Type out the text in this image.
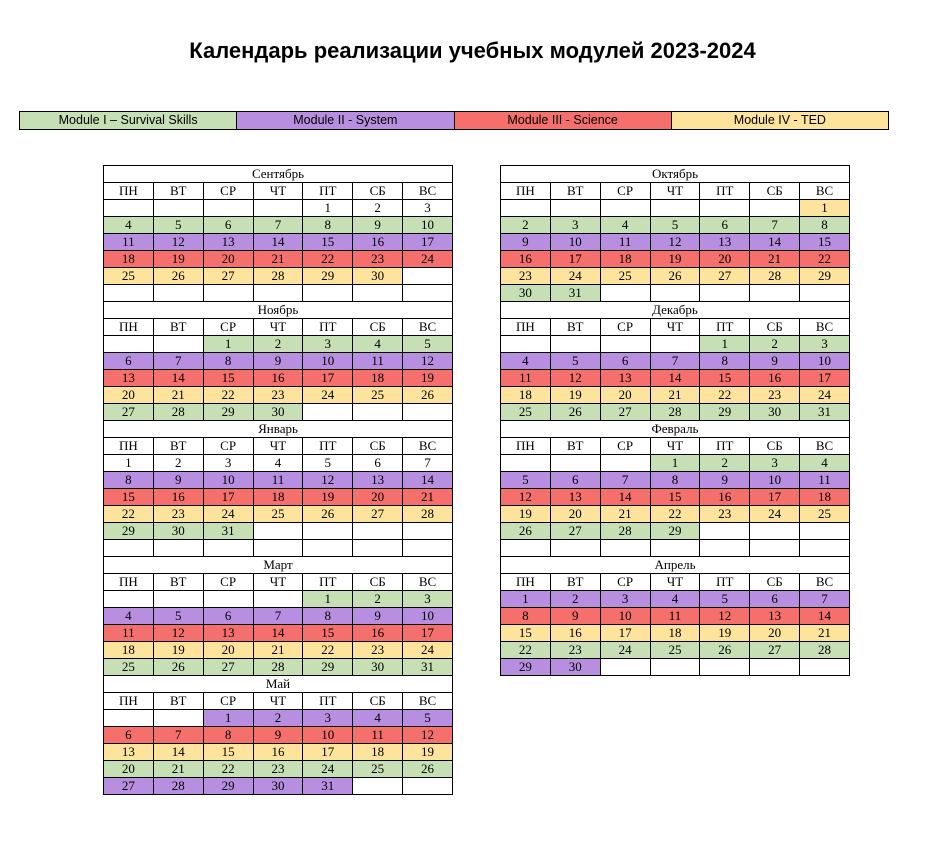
Календарь реализации учебных модулей 2023-2024
Module I – Survival Skills	Module II - System	Module III - Science	Module IV - TED
Сентябрь						
ПН	ВТ	СР	ЧТ	ПТ	СБ	ВС
				1	2	3
4	5	6	7	8	9	10
11	12	13	14	15	16	17
18	19	20	21	22	23	24
25	26	27	28	29	30	

Ноябрь						
ПН	ВТ	СР	ЧТ	ПТ	СБ	ВС
		1	2	3	4	5
6	7	8	9	10	11	12
13	14	15	16	17	18	19
20	21	22	23	24	25	26
27	28	29	30			
Январь						
ПН	ВТ	СР	ЧТ	ПТ	СБ	ВС
1	2	3	4	5	6	7
8	9	10	11	12	13	14
15	16	17	18	19	20	21
22	23	24	25	26	27	28
29	30	31				

Март						
ПН	ВТ	СР	ЧТ	ПТ	СБ	ВС
				1	2	3
4	5	6	7	8	9	10
11	12	13	14	15	16	17
18	19	20	21	22	23	24
25	26	27	28	29	30	31
Май						
ПН	ВТ	СР	ЧТ	ПТ	СБ	ВС
		1	2	3	4	5
6	7	8	9	10	11	12
13	14	15	16	17	18	19
20	21	22	23	24	25	26
27	28	29	30	31		
Октябрь						
ПН	ВТ	СР	ЧТ	ПТ	СБ	ВС
						1
2	3	4	5	6	7	8
9	10	11	12	13	14	15
16	17	18	19	20	21	22
23	24	25	26	27	28	29
30	31					
Декабрь						
ПН	ВТ	СР	ЧТ	ПТ	СБ	ВС
				1	2	3
4	5	6	7	8	9	10
11	12	13	14	15	16	17
18	19	20	21	22	23	24
25	26	27	28	29	30	31
Февраль						
ПН	ВТ	СР	ЧТ	ПТ	СБ	ВС
			1	2	3	4
5	6	7	8	9	10	11
12	13	14	15	16	17	18
19	20	21	22	23	24	25
26	27	28	29			

Апрель						
ПН	ВТ	СР	ЧТ	ПТ	СБ	ВС
1	2	3	4	5	6	7
8	9	10	11	12	13	14
15	16	17	18	19	20	21
22	23	24	25	26	27	28
29	30					
